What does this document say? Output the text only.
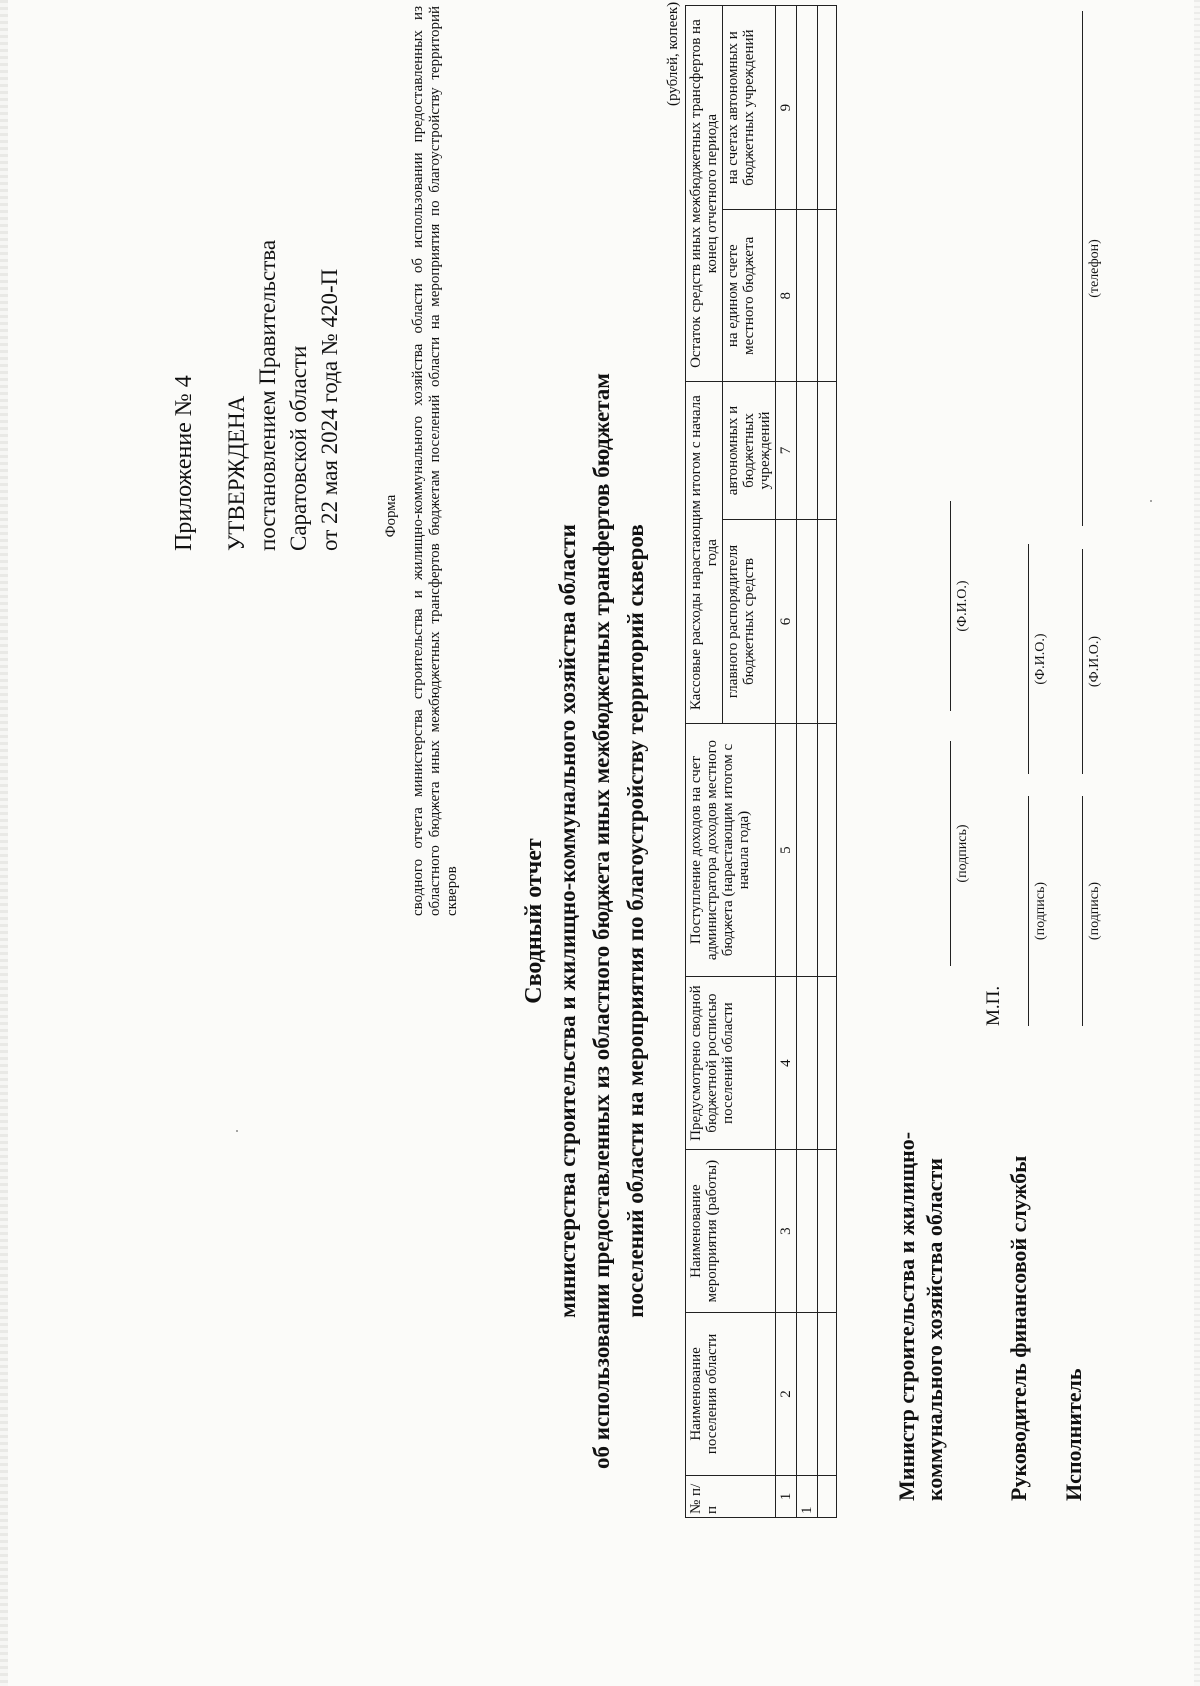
Приложение № 4 УТВЕРЖДЕНА постановлением Правительства Саратовской области от 22 мая 2024 года № 420-П	Форма сводного отчета министерства строительства и жилищно-коммунального хозяйства области об использовании предоставленных из областного бюджета иных межбюджетных трансфертов бюджетам поселений области на мероприятия по благоустройству территорий скверов	Сводный отчет министерства строительства и жилищно-коммунального хозяйства области об использовании предоставленных из областного бюджета иных межбюджетных трансфертов бюджетам поселений области на мероприятия по благоустройству территорий скверов
(рублей, копеек)
№ п/п	Наименование поселения области	Наименование мероприятия (работы)	Предусмотрено сводной бюджетной росписью поселений области	Поступление доходов на счет администратора доходов местного бюджета (нарастающим итогом с начала года)	Кассовые расходы нарастающим итогом с начала года		Остаток средств иных межбюджетных трансфертов на конец отчетного периода	
					главного распорядителя бюджетных средств	автономных и бюджетных учреждений	на едином счете местного бюджета	на счетах автономных и бюджетных учреждений
1	2	3	4	5	6	7	8	9
1								

Министр строительства и жилищно- коммунального хозяйства области
(подпись)
(Ф.И.О.)
М.П.
Руководитель финансовой службы
(подпись)
(Ф.И.О.)
Исполнитель
(подпись)
(Ф.И.О.)
(телефон)
